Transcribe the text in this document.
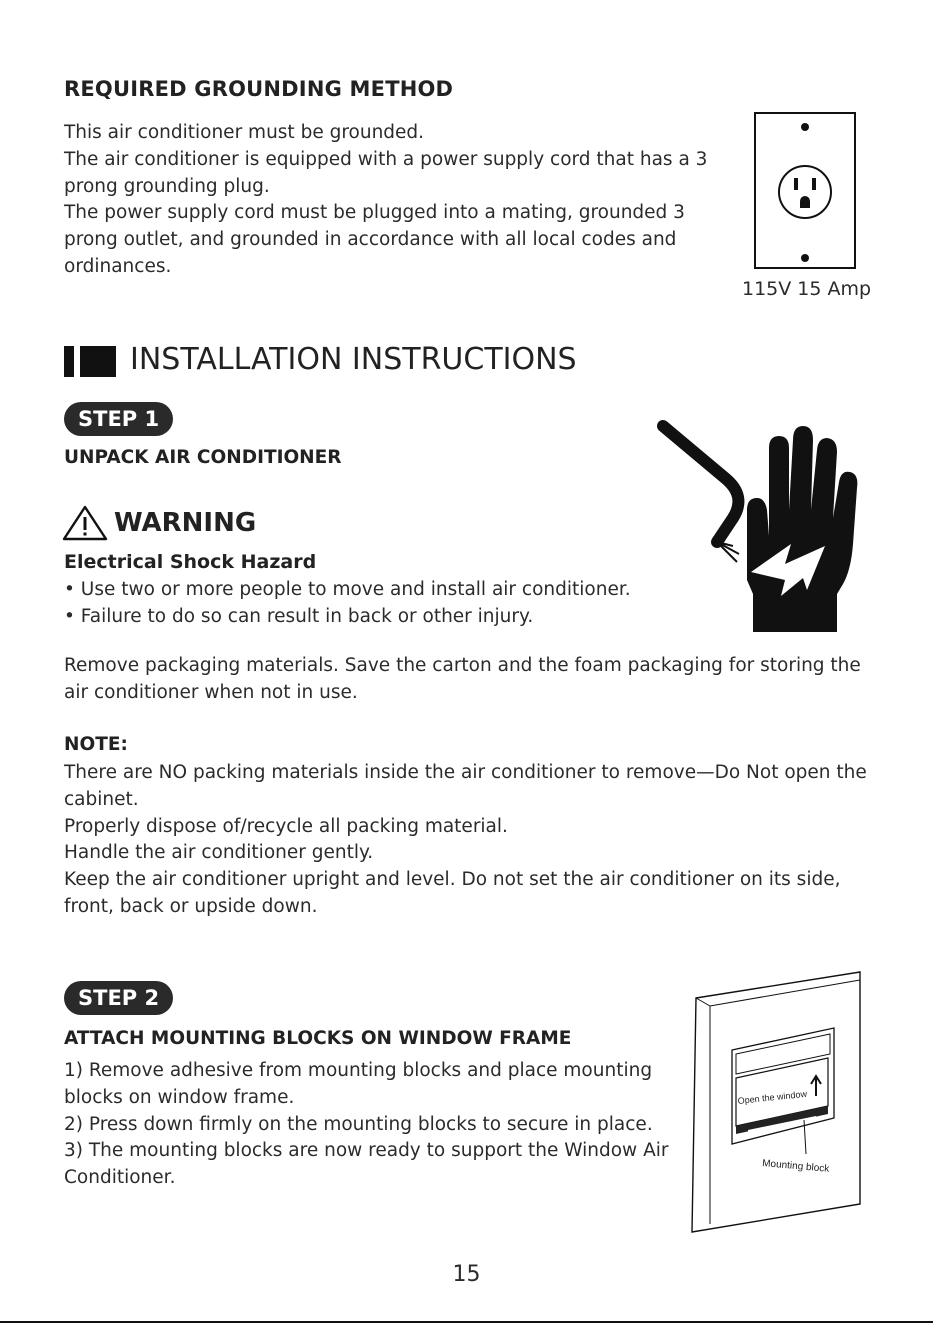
REQUIRED GROUNDING METHOD

This air conditioner must be grounded.

The air conditioner is equipped with a power supply cord that has a 3 prong grounding plug.

The power supply cord must be plugged into a mating, grounded 3 prong outlet, and grounded in accordance with all local codes and ordinances.

115V 15 Amp
INSTALLATION INSTRUCTIONS
STEP 1
UNPACK AIR CONDITIONER
WARNING
Electrical Shock Hazard

• Use two or more people to move and install air conditioner.

• Failure to do so can result in back or other injury.

Remove packaging materials. Save the carton and the foam packaging for storing the air conditioner when not in use.
NOTE:

There are NO packing materials inside the air conditioner to remove—Do Not open the cabinet.

Properly dispose of/recycle all packing material.

Handle the air conditioner gently.

Keep the air conditioner upright and level. Do not set the air conditioner on its side, front, back or upside down.

STEP 2
ATTACH MOUNTING BLOCKS ON WINDOW FRAME

1) Remove adhesive from mounting blocks and place mounting blocks on window frame.

2) Press down firmly on the mounting blocks to secure in place.

3) The mounting blocks are now ready to support the Window Air Conditioner.

Open the window
Mounting block
15
